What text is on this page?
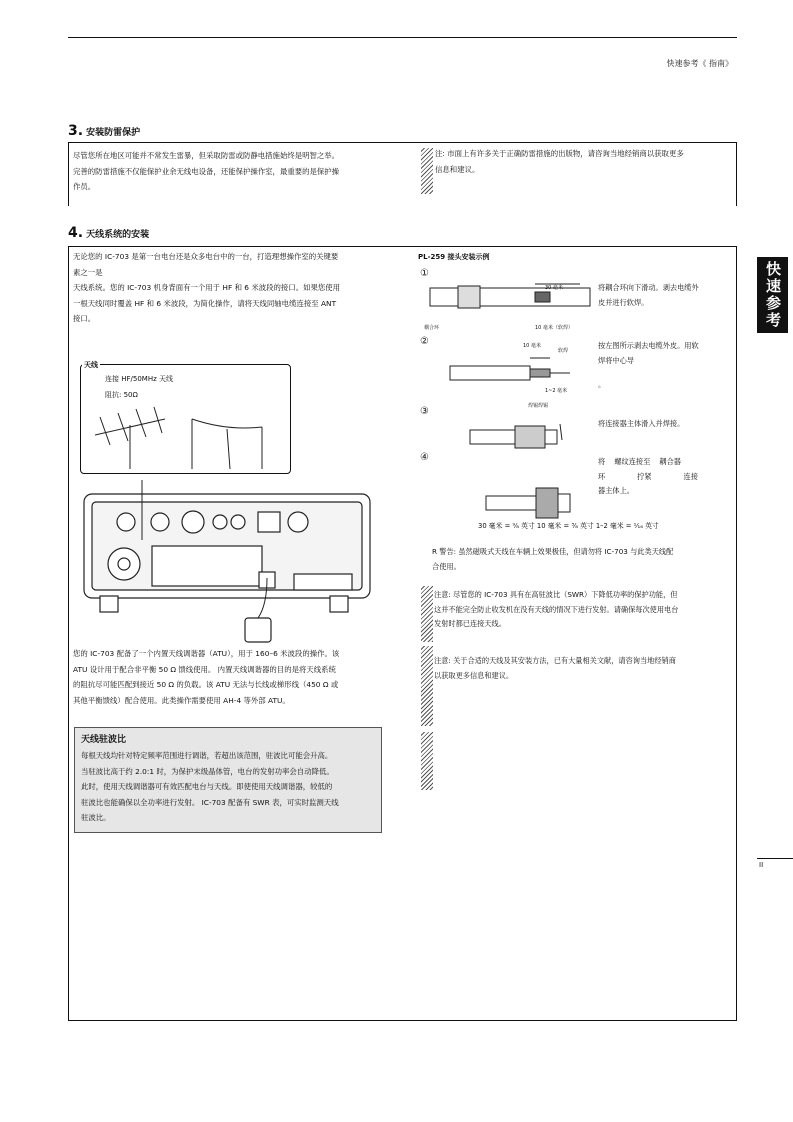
快速参考《 指南》
快速参考
II
3. 安装防雷保护
尽管您所在地区可能并不常发生雷暴，但采取防雷或防静电措施始终是明智之举。
完善的防雷措施不仅能保护业余无线电设备，还能保护操作室，最重要的是保护操
作员。
注: 市面上有许多关于正确防雷措施的出版物，请咨询当地经销商以获取更多
信息和建议。
4. 天线系统的安装
无论您的 IC-703 是第一台电台还是众多电台中的一台，打造理想操作室的关键要
素之一是
天线系统。您的 IC-703 机身背面有一个用于 HF 和 6 米波段的接口。如果您使用
一根天线同时覆盖 HF 和 6 米波段，为简化操作，请将天线同轴电缆连接至 ANT
接口。
天线
连接 HF/50MHz 天线
阻抗: 50Ω
您的 IC-703 配备了一个内置天线调谐器（ATU），用于 160–6 米波段的操作。该
ATU 设计用于配合非平衡 50 Ω 馈线使用。 内置天线调谐器的目的是将天线系统
的阻抗尽可能匹配到接近 50 Ω 的负载。该 ATU 无法与长线或梯形线（450 Ω 或
其他平衡馈线）配合使用。此类操作需要使用 AH-4 等外部 ATU。
天线驻波比
每根天线均针对特定频率范围进行调谐，若超出该范围，驻波比可能会升高。
当驻波比高于约 2.0:1 时，为保护末级晶体管，电台的发射功率会自动降低。
此时，使用天线调谐器可有效匹配电台与天线。即使使用天线调谐器，较低的
驻波比也能确保以全功率进行发射。 IC-703 配备有 SWR 表，可实时监测天线
驻波比。
PL-259 接头安装示例
①
30 毫米
耦合环	10 毫米（软焊）
将耦合环向下滑动。剥去电缆外
皮并进行软焊。
②	10 毫米
软焊
1~2 毫米
焊锡焊锡
按左图所示剥去电缆外皮。用软
焊将中心导
。
③
将连接器主体滑入并焊接。
④	将    螺纹连接至    耦合器
环              拧紧              连接
器主体上。
30 毫米 = ⁹⁄₈ 英寸 10 毫米 = ³⁄₈ 英寸 1–2 毫米 = ¹⁄₁₆ 英寸
R 警告: 虽然磁吸式天线在车辆上效果极佳，但请勿将 IC-703 与此类天线配
合使用。
注意: 尽管您的 IC-703 具有在高驻波比（SWR）下降低功率的保护功能，但
这并不能完全防止收发机在没有天线的情况下进行发射。请确保每次使用电台
发射时都已连接天线。
注意: 关于合适的天线及其安装方法，已有大量相关文献，请咨询当地经销商
以获取更多信息和建议。
